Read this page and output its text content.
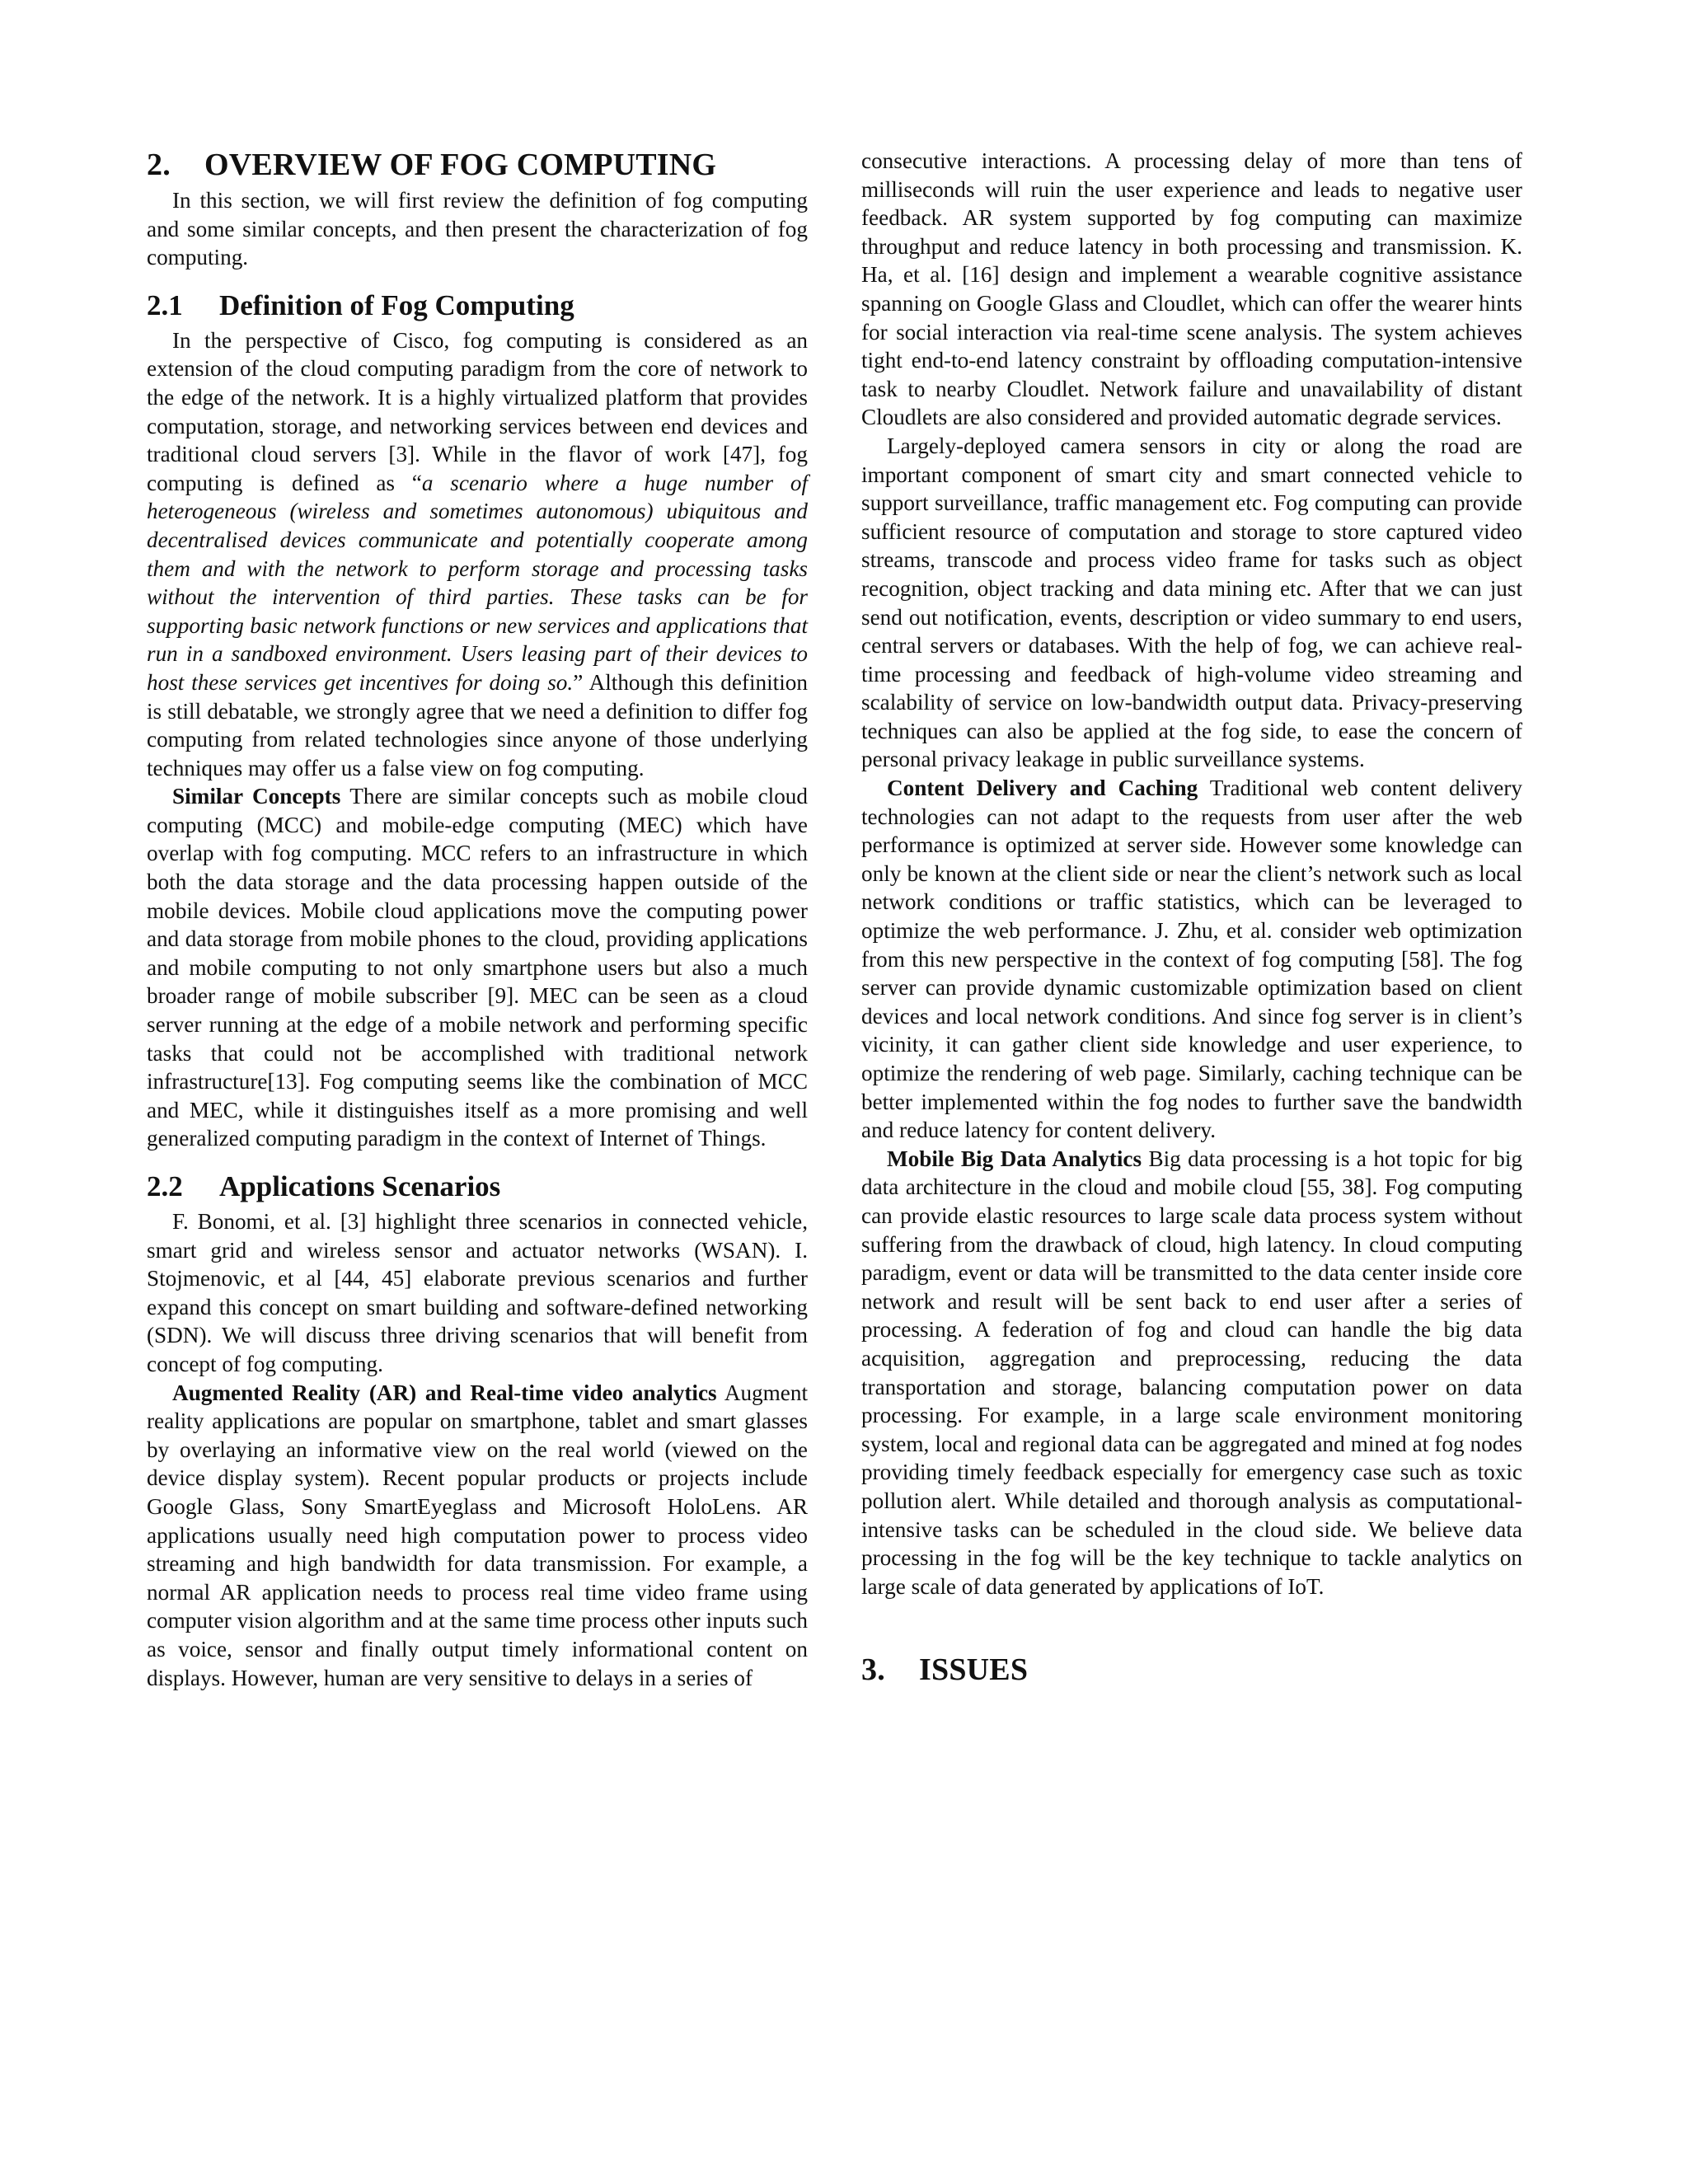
2. OVERVIEW OF FOG COMPUTING

In this section, we will first review the definition of fog computing and some similar concepts, and then present the characterization of fog computing.

2.1 Definition of Fog Computing

In the perspective of Cisco, fog computing is considered as an extension of the cloud computing paradigm from the core of network to the edge of the network. It is a highly virtualized platform that provides computation, storage, and networking services between end devices and traditional cloud servers [3]. While in the flavor of work [47], fog computing is defined as “a scenario where a huge number of heterogeneous (wireless and sometimes autonomous) ubiquitous and decentralised devices communicate and potentially cooperate among them and with the network to perform storage and processing tasks without the intervention of third parties. These tasks can be for supporting basic network functions or new services and applications that run in a sandboxed environment. Users leasing part of their devices to host these services get incentives for doing so.” Although this definition is still debatable, we strongly agree that we need a definition to differ fog computing from related technologies since anyone of those underlying techniques may offer us a false view on fog computing.

Similar Concepts There are similar concepts such as mobile cloud computing (MCC) and mobile-edge computing (MEC) which have overlap with fog computing. MCC refers to an infrastructure in which both the data storage and the data processing happen outside of the mobile devices. Mobile cloud applications move the computing power and data storage from mobile phones to the cloud, providing applications and mobile computing to not only smartphone users but also a much broader range of mobile subscriber [9]. MEC can be seen as a cloud server running at the edge of a mobile network and performing specific tasks that could not be accomplished with traditional network infrastructure[13]. Fog computing seems like the combination of MCC and MEC, while it distinguishes itself as a more promising and well generalized computing paradigm in the context of Internet of Things.

2.2 Applications Scenarios

F. Bonomi, et al. [3] highlight three scenarios in connected vehicle, smart grid and wireless sensor and actuator networks (WSAN). I. Stojmenovic, et al [44, 45] elaborate previous scenarios and further expand this concept on smart building and software-defined networking (SDN). We will discuss three driving scenarios that will benefit from concept of fog computing.

Augmented Reality (AR) and Real-time video analytics Augment reality applications are popular on smartphone, tablet and smart glasses by overlaying an informative view on the real world (viewed on the device display system). Recent popular products or projects include Google Glass, Sony SmartEyeglass and Microsoft HoloLens. AR applications usually need high computation power to process video streaming and high bandwidth for data transmission. For example, a normal AR application needs to process real time video frame using computer vision algorithm and at the same time process other inputs such as voice, sensor and finally output timely informational content on displays. However, human are very sensitive to delays in a series of

consecutive interactions. A processing delay of more than tens of milliseconds will ruin the user experience and leads to negative user feedback. AR system supported by fog computing can maximize throughput and reduce latency in both processing and transmission. K. Ha, et al. [16] design and implement a wearable cognitive assistance spanning on Google Glass and Cloudlet, which can offer the wearer hints for social interaction via real-time scene analysis. The system achieves tight end-to-end latency constraint by offloading computation-intensive task to nearby Cloudlet. Network failure and unavailability of distant Cloudlets are also considered and provided automatic degrade services.

Largely-deployed camera sensors in city or along the road are important component of smart city and smart connected vehicle to support surveillance, traffic management etc. Fog computing can provide sufficient resource of computation and storage to store captured video streams, transcode and process video frame for tasks such as object recognition, object tracking and data mining etc. After that we can just send out notification, events, description or video summary to end users, central servers or databases. With the help of fog, we can achieve real-time processing and feedback of high-volume video streaming and scalability of service on low-bandwidth output data. Privacy-preserving techniques can also be applied at the fog side, to ease the concern of personal privacy leakage in public surveillance systems.

Content Delivery and Caching Traditional web content delivery technologies can not adapt to the requests from user after the web performance is optimized at server side. However some knowledge can only be known at the client side or near the client’s network such as local network conditions or traffic statistics, which can be leveraged to optimize the web performance. J. Zhu, et al. consider web optimization from this new perspective in the context of fog computing [58]. The fog server can provide dynamic customizable optimization based on client devices and local network conditions. And since fog server is in client’s vicinity, it can gather client side knowledge and user experience, to optimize the rendering of web page. Similarly, caching technique can be better implemented within the fog nodes to further save the bandwidth and reduce latency for content delivery.

Mobile Big Data Analytics Big data processing is a hot topic for big data architecture in the cloud and mobile cloud [55, 38]. Fog computing can provide elastic resources to large scale data process system without suffering from the drawback of cloud, high latency. In cloud computing paradigm, event or data will be transmitted to the data center inside core network and result will be sent back to end user after a series of processing. A federation of fog and cloud can handle the big data acquisition, aggregation and preprocessing, reducing the data transportation and storage, balancing computation power on data processing. For example, in a large scale environment monitoring system, local and regional data can be aggregated and mined at fog nodes providing timely feedback especially for emergency case such as toxic pollution alert. While detailed and thorough analysis as computational-intensive tasks can be scheduled in the cloud side. We believe data processing in the fog will be the key technique to tackle analytics on large scale of data generated by applications of IoT.

3. ISSUES
